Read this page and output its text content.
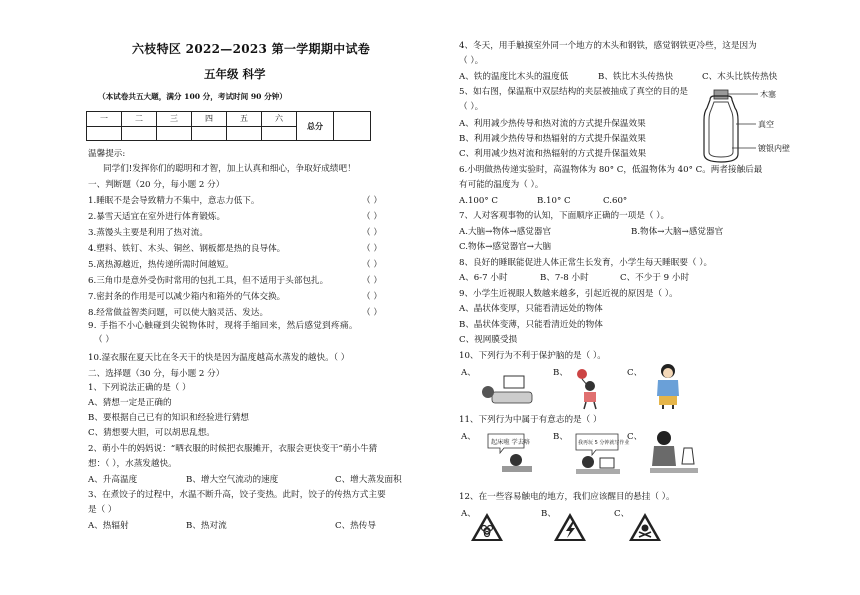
六枝特区 2022—2023 第一学期期中试卷
五年级 科学
（本试卷共五大题，满分 100 分，考试时间 90 分钟）
一	二	三	四	五	六	总分	

温馨提示:
同学们!发挥你们的聪明和才智，加上认真和细心，争取好成绩吧！
一、判断题（20 分，每小题 2 分）
1.睡眠不是会导致精力不集中，意志力低下。	（ ）
2.暴雪天适宜在室外进行体育锻炼。	（ ）
3.蒸馒头主要是利用了热对流。	（ ）
4.塑料、铁钉、木头、铜丝、钢板都是热的良导体。	（ ）
5.离热源越近，热传递所需时间越短。	（ ）
6.三角巾是意外受伤时常用的包扎工具，但不适用于头部包扎。	（ ）
7.密封条的作用是可以减少箱内和箱外的气体交换。	（ ）
8.经常做益智类问题，可以使大脑灵活、发达。	（ ）
9. 手指不小心触碰到尖锐物体时，现将手缩回来，然后感觉到疼痛。
（ ）
10.湿衣服在夏天比在冬天干的快是因为温度越高水蒸发的越快。（ ）
二、选择题（30 分，每小题 2 分）
1、下列说法正确的是（ ）
A、猜想一定是正确的
B、要根据自己已有的知识和经验进行猜想
C、猜想要大胆，可以胡思乱想。
2、萌小牛的妈妈说：“晒衣服的时候把衣服摊开，衣服会更快变干”萌小牛猜
想：（ ），水蒸发越快。
A、升高温度	B、增大空气流动的速度	C、增大蒸发面积
3、在煮饺子的过程中，水温不断升高，饺子变热。此时，饺子的传热方式主要
是（ ）
A、热辐射	B、热对流	C、热传导
4、冬天，用手触摸室外同一个地方的木头和钢铁，感觉钢铁更冷些，这是因为
（ ）。
A、铁的温度比木头的温度低	B、铁比木头传热快	C、木头比铁传热快
5、如右图，保温瓶中双层结构的夹层被抽成了真空的目的是
（ ）。
A、利用减少热传导和热对流的方式提升保温效果
B、利用减少热传导和热辐射的方式提升保温效果
C、利用减少热对流和热辐射的方式提升保温效果
木塞
真空
镀银内壁
6.小明做热传递实验时，高温物体为 80° C，低温物体为 40° C。两者接触后最
有可能的温度为（ ）。
A.100° C	B.10° C	C.60°
7、人对客观事物的认知，下面顺序正确的一项是（ ）。
A.大脑→物体→感觉器官	B.物体→大脑→感觉器官
C.物体→感觉器官→大脑
8、良好的睡眠能促进人体正常生长发育，小学生每天睡眠要（ ）。
A、6-7 小时	B、7-8 小时	C、不少于 9 小时
9、小学生近视眼人数越来越多，引起近视的原因是（ ）。
A、晶状体变厚，只能看清远处的物体
B、晶状体变薄，只能看清近处的物体
C、视网膜受损
10、下列行为不利于保护脑的是（ ）。
A、	B、	C、
11、下列行为中属于有意志的是（ ）
A、	B、	C、
起床啦 学去咯	我再玩 5 分钟就写作业
12、在一些容易触电的地方，我们应该醒目的悬挂（ ）。
A、	B、	C、
